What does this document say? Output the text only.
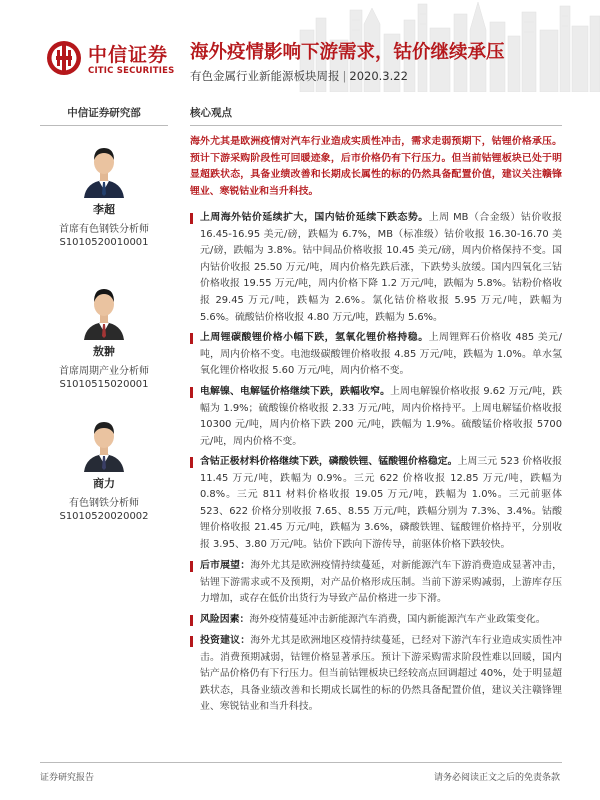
中信证券
CITIC SECURITIES
海外疫情影响下游需求，钴价继续承压
有色金属行业新能源板块周报 | 2020.3.22
中信证券研究部
李超
首席有色钢铁分析师
S1010520010001
敖翀
首席周期产业分析师
S1010515020001
商力
有色钢铁分析师
S1010520020002
核心观点
海外尤其是欧洲疫情对汽车行业造成实质性冲击，需求走弱预期下，钴锂价格承压。预计下游采购阶段性可回暖迹象，后市价格仍有下行压力。但当前钴锂板块已处于明显超跌状态，具备业绩改善和长期成长属性的标的仍然具备配置价值，建议关注赣锋锂业、寒锐钴业和当升科技。
上周海外钴价延续扩大，国内钴价延续下跌态势。上周 MB（合金级）钴价收报 16.45-16.95 美元/磅，跌幅为 6.7%，MB（标准级）钴价收报 16.30-16.70 美元/磅，跌幅为 3.8%。钴中间品价格收报 10.45 美元/磅，周内价格保持不变。国内钴价收报 25.50 万元/吨，周内价格先跌后涨，下跌势头放缓。国内四氧化三钴价格收报 19.55 万元/吨，周内价格下降 1.2 万元/吨，跌幅为 5.8%。钴粉价格收报 29.45 万元/吨，跌幅为 2.6%。氯化钴价格收报 5.95 万元/吨，跌幅为 5.6%。硫酸钴价格收报 4.80 万元/吨，跌幅为 5.6%。
上周锂碳酸锂价格小幅下跌，氢氧化锂价格持稳。上周锂辉石价格收 485 美元/吨，周内价格不变。电池级碳酸锂价格收报 4.85 万元/吨，跌幅为 1.0%。单水氢氧化锂价格收报 5.60 万元/吨，周内价格不变。
电解镍、电解锰价格继续下跌，跌幅收窄。上周电解镍价格收报 9.62 万元/吨，跌幅为 1.9%；硫酸镍价格收报 2.33 万元/吨，周内价格持平。上周电解锰价格收报 10300 元/吨，周内价格下跌 200 元/吨，跌幅为 1.9%。硫酸锰价格收报 5700 元/吨，周内价格不变。
含钴正极材料价格继续下跌，磷酸铁锂、锰酸锂价格稳定。上周三元 523 价格收报 11.45 万元/吨，跌幅为 0.9%。三元 622 价格收报 12.85 万元/吨，跌幅为 0.8%。三元 811 材料价格收报 19.05 万元/吨，跌幅为 1.0%。三元前驱体 523、622 价格分别收报 7.65、8.55 万元/吨，跌幅分别为 7.3%、3.4%。钴酸锂价格收报 21.45 万元/吨，跌幅为 3.6%，磷酸铁锂、锰酸锂价格持平，分别收报 3.95、3.80 万元/吨。钴价下跌向下游传导，前驱体价格下跌较快。
后市展望：海外尤其是欧洲疫情持续蔓延，对新能源汽车下游消费造成显著冲击，钴锂下游需求或不及预期，对产品价格形成压制。当前下游采购减弱，上游库存压力增加，或存在低价出货行为导致产品价格进一步下滑。
风险因素：海外疫情蔓延冲击新能源汽车消费，国内新能源汽车产业政策变化。
投资建议：海外尤其是欧洲地区疫情持续蔓延，已经对下游汽车行业造成实质性冲击。消费预期减弱，钴锂价格显著承压。预计下游采购需求阶段性难以回暖，国内钴产品价格仍有下行压力。但当前钴锂板块已经较高点回调超过 40%，处于明显超跌状态，具备业绩改善和长期成长属性的标的仍然具备配置价值，建议关注赣锋锂业、寒锐钴业和当升科技。
证券研究报告	请务必阅读正文之后的免责条款
